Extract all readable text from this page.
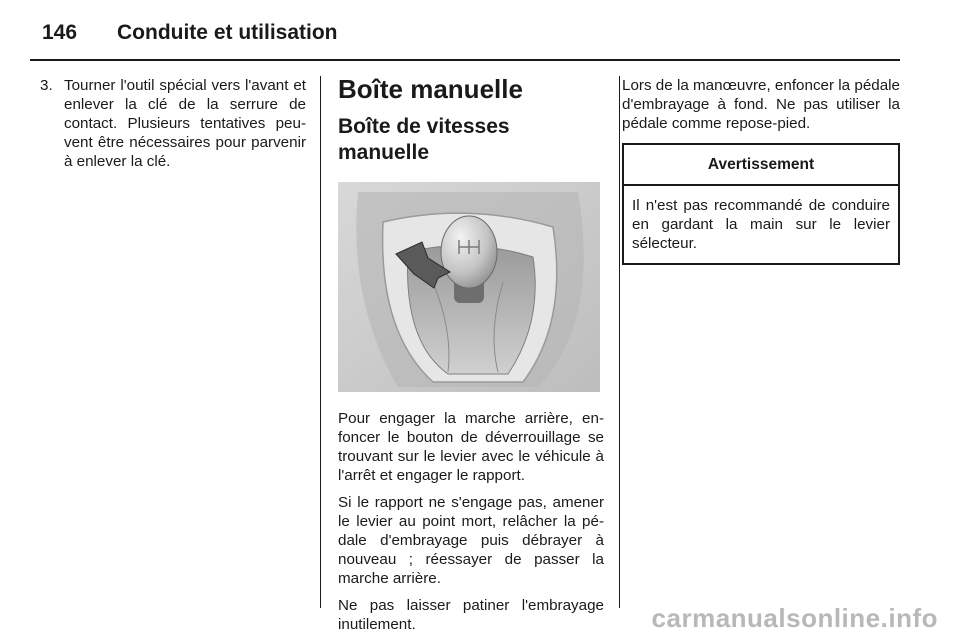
146	Conduite et utilisation
3. Tourner l'outil spécial vers l'avant et enlever la clé de la serrure de contact. Plusieurs tentatives peuvent être nécessaires pour parvenir à enlever la clé.
Boîte manuelle
Boîte de vitesses manuelle

Pour engager la marche arrière, enfoncer le bouton de déverrouillage se trouvant sur le levier avec le véhicule à l'arrêt et engager le rapport.

Si le rapport ne s'engage pas, amener le levier au point mort, relâcher la pédale d'embrayage puis débrayer à nouveau ; réessayer de passer la marche arrière.

Ne pas laisser patiner l'embrayage inutilement.

Lors de la manœuvre, enfoncer la pédale d'embrayage à fond. Ne pas utiliser la pédale comme repose-pied.

Avertissement
Il n'est pas recommandé de conduire en gardant la main sur le levier sélecteur.
carmanualsonline.info
